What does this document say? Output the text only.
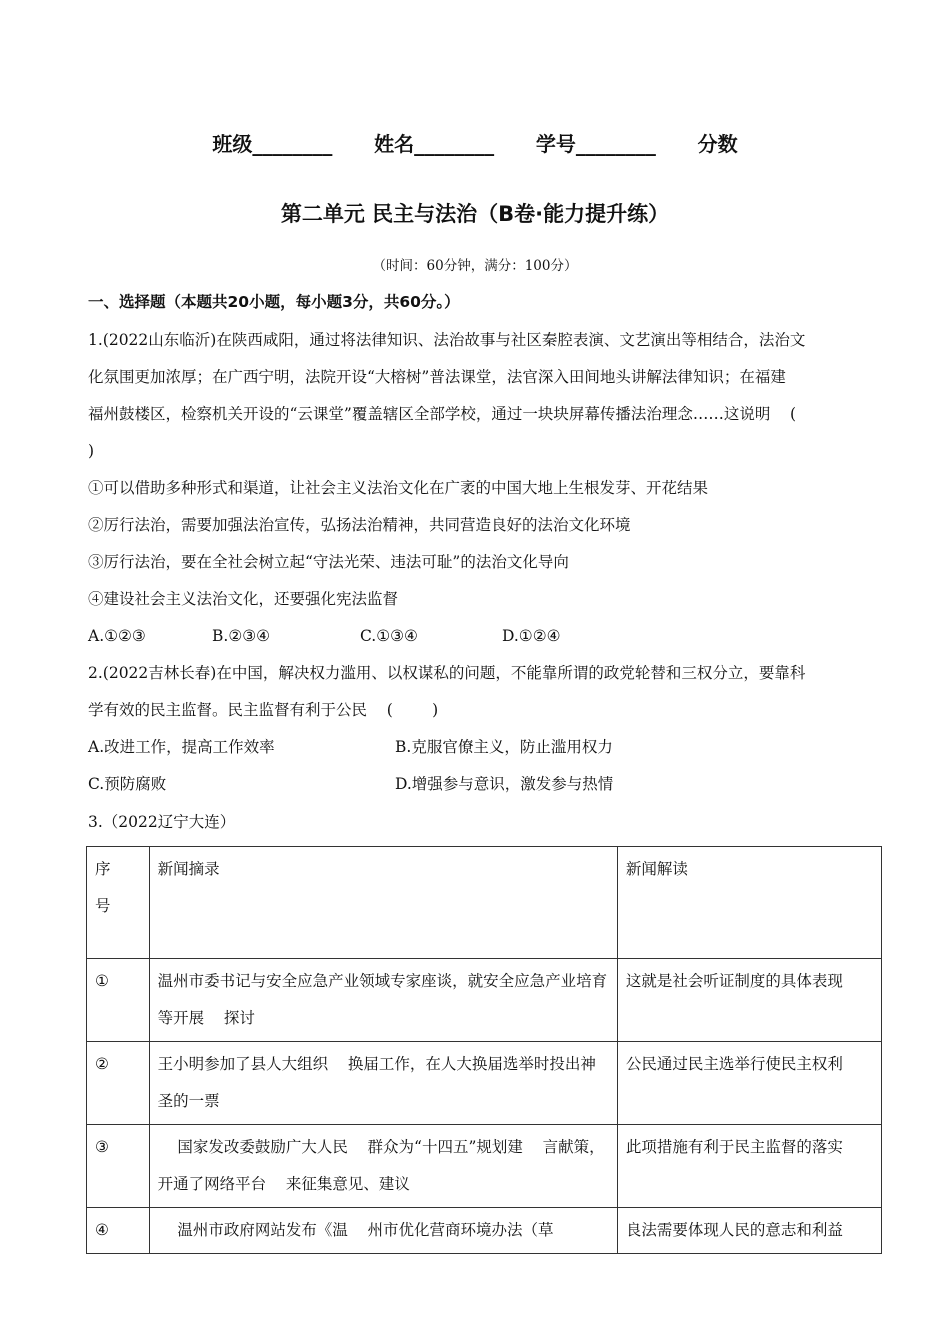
班级________      姓名________      学号________      分数
第二单元 民主与法治（B卷·能力提升练）
（时间：60分钟，满分：100分）
一、选择题（本题共20小题，每小题3分，共60分。）
1.(2022山东临沂)在陕西咸阳，通过将法律知识、法治故事与社区秦腔表演、文艺演出等相结合，法治文
化氛围更加浓厚；在广西宁明，法院开设“大榕树”普法课堂，法官深入田间地头讲解法律知识；在福建
福州鼓楼区，检察机关开设的“云课堂”覆盖辖区全部学校，通过一块块屏幕传播法治理念……这说明    (
)
①可以借助多种形式和渠道，让社会主义法治文化在广袤的中国大地上生根发芽、开花结果
②厉行法治，需要加强法治宣传，弘扬法治精神，共同营造良好的法治文化环境
③厉行法治，要在全社会树立起“守法光荣、违法可耻”的法治文化导向
④建设社会主义法治文化，还要强化宪法监督
A.①②③	B.②③④	C.①③④	D.①②④
2.(2022吉林长春)在中国，解决权力滥用、以权谋私的问题，不能靠所谓的政党轮替和三权分立，要靠科
学有效的民主监督。民主监督有利于公民    (        )
A.改进工作，提高工作效率	B.克服官僚主义，防止滥用权力
C.预防腐败	D.增强参与意识，激发参与热情
3.（2022辽宁大连）
序
号	新闻摘录	新闻解读
①	温州市委书记与安全应急产业领域专家座谈，就安全应急产业培育等开展    探讨	这就是社会听证制度的具体表现
②	王小明参加了县人大组织    换届工作，在人大换届选举时投出神圣的一票	公民通过民主选举行使民主权利
③	国家发改委鼓励广大人民    群众为“十四五”规划建    言献策，开通了网络平台    来征集意见、建议	此项措施有利于民主监督的落实
④	温州市政府网站发布《温    州市优化营商环境办法（草	良法需要体现人民的意志和利益
